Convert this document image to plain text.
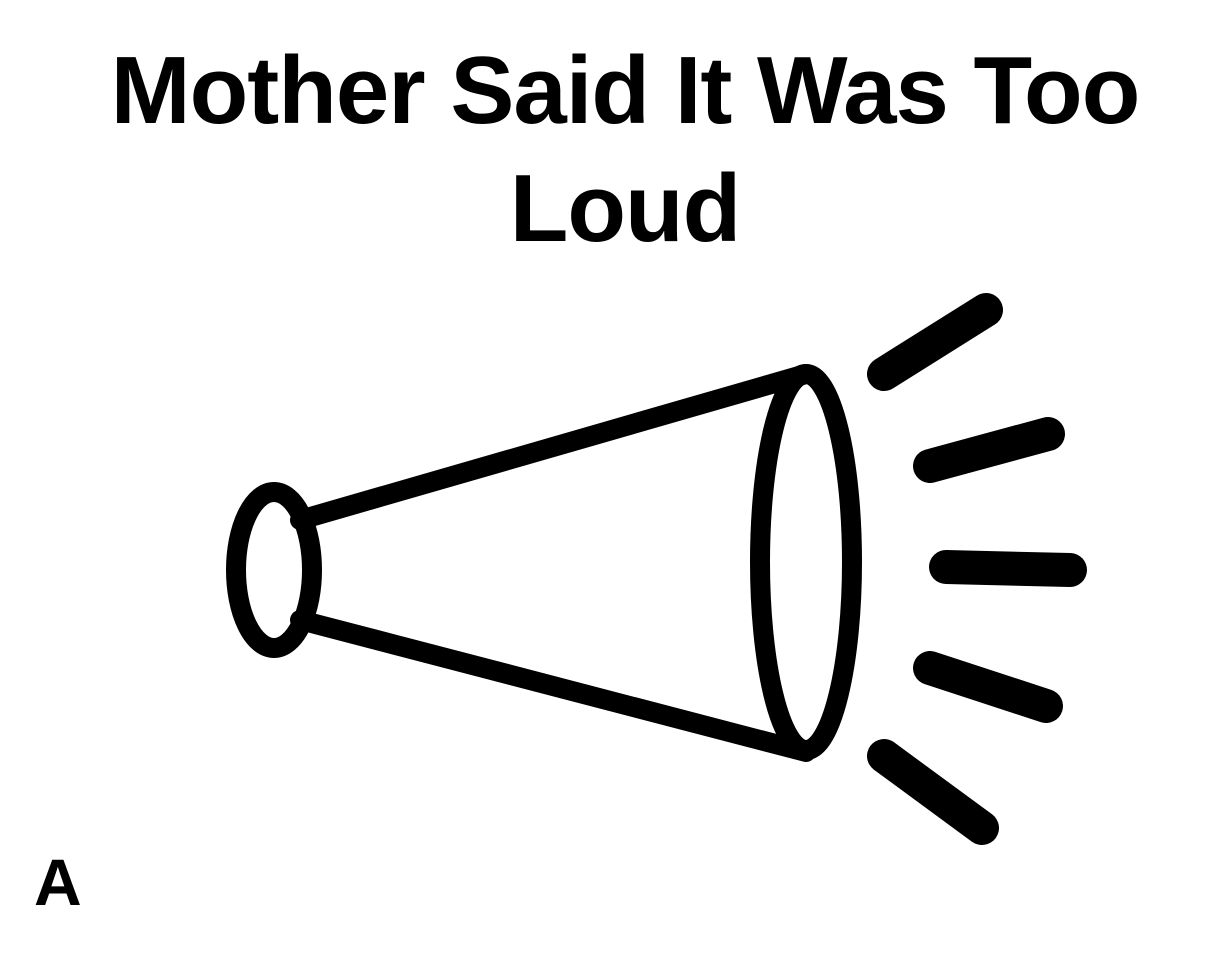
Mother Said It Was Too Loud

A
